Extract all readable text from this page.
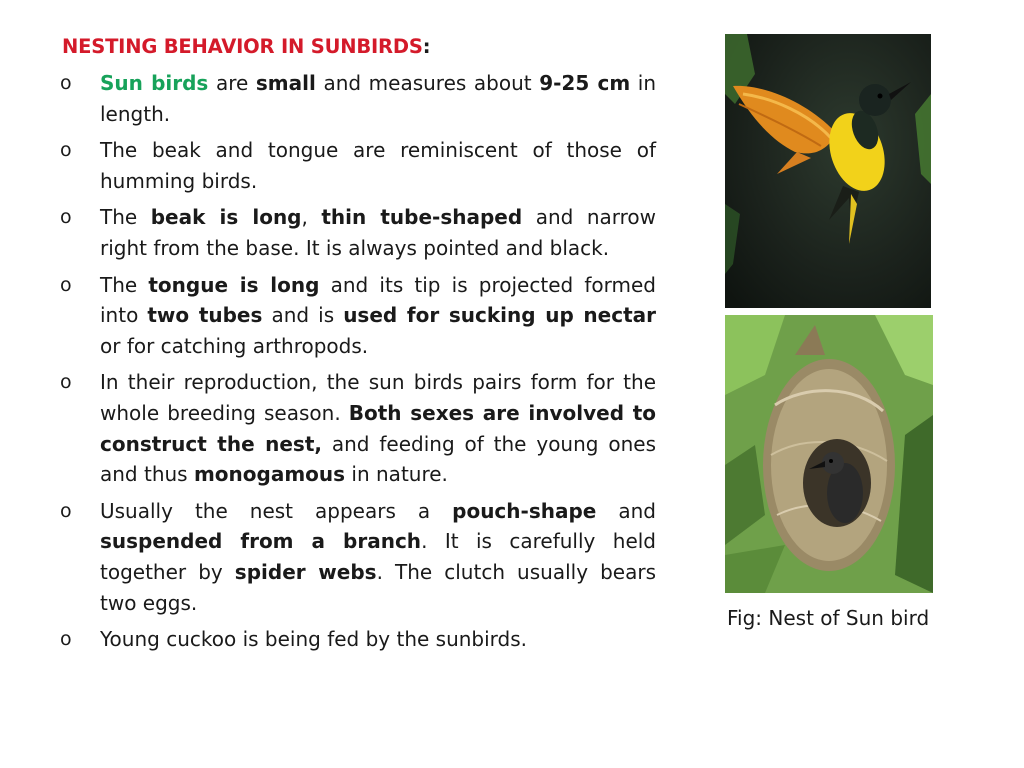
NESTING BEHAVIOR IN SUNBIRDS:
o Sun birds are small and measures about 9-25 cm in length.
o The beak and tongue are reminiscent of those of humming birds.
o The beak is long, thin tube-shaped and narrow right from the base. It is always pointed and black.
o The tongue is long and its tip is projected formed into two tubes and is used for sucking up nectar or for catching arthropods.
o In their reproduction, the sun birds pairs form for the whole breeding season. Both sexes are involved to construct the nest, and feeding of the young ones and thus monogamous in nature.
o Usually the nest appears a pouch-shape and suspended from a branch. It is carefully held together by spider webs. The clutch usually bears two eggs.
o Young cuckoo is being fed by the sunbirds.
Fig: Nest of Sun bird
